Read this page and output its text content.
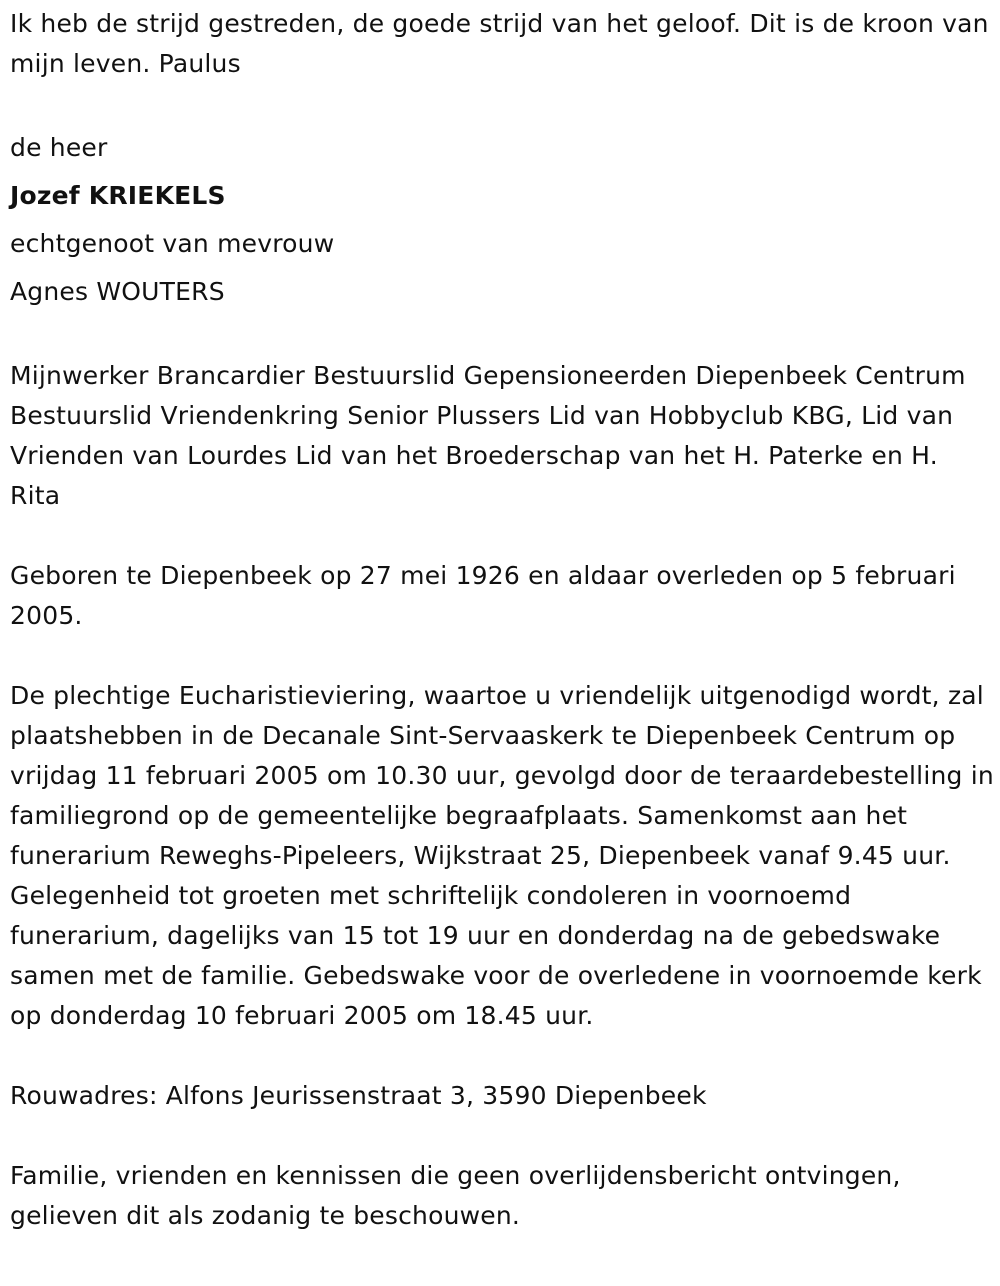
Ik heb de strijd gestreden, de goede strijd van het geloof. Dit is de kroon van mijn leven. Paulus

de heer

Jozef KRIEKELS

echtgenoot van mevrouw

Agnes WOUTERS

Mijnwerker Brancardier Bestuurslid Gepensioneerden Diepenbeek Centrum Bestuurslid Vriendenkring Senior Plussers Lid van Hobbyclub KBG, Lid van Vrienden van Lourdes Lid van het Broederschap van het H. Paterke en H. Rita

Geboren te Diepenbeek op 27 mei 1926 en aldaar overleden op 5 februari 2005.

De plechtige Eucharistieviering, waartoe u vriendelijk uitgenodigd wordt, zal plaatshebben in de Decanale Sint-Servaaskerk te Diepenbeek Centrum op vrijdag 11 februari 2005 om 10.30 uur, gevolgd door de teraardebestelling in familiegrond op de gemeentelijke begraafplaats. Samenkomst aan het funerarium Reweghs-Pipeleers, Wijkstraat 25, Diepenbeek vanaf 9.45 uur. Gelegenheid tot groeten met schriftelijk condoleren in voornoemd funerarium, dagelijks van 15 tot 19 uur en donderdag na de gebedswake samen met de familie. Gebedswake voor de overledene in voornoemde kerk op donderdag 10 februari 2005 om 18.45 uur.

Rouwadres: Alfons Jeurissenstraat 3, 3590 Diepenbeek

Familie, vrienden en kennissen die geen overlijdensbericht ontvingen, gelieven dit als zodanig te beschouwen.
